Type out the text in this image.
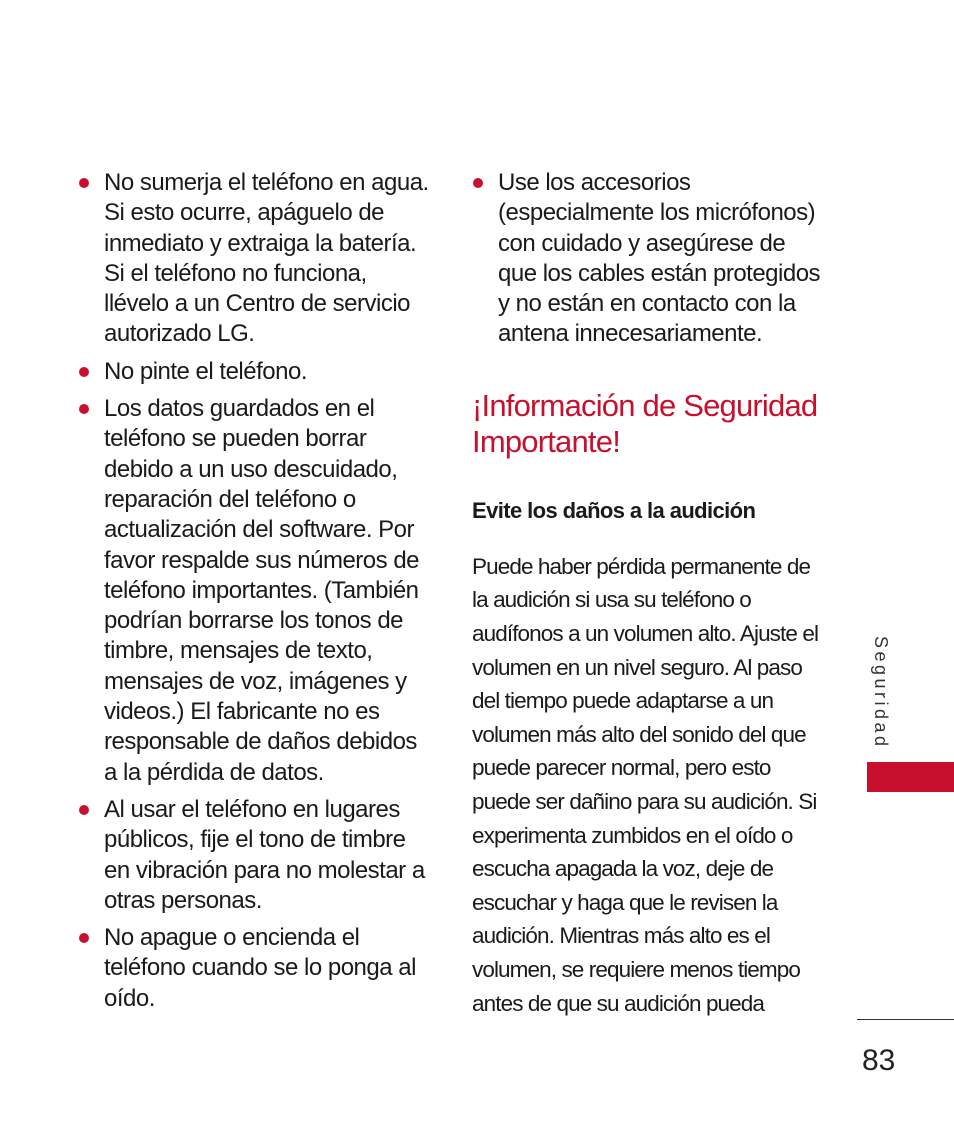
No sumerja el teléfono en agua. Si esto ocurre, apáguelo de inmediato y extraiga la batería. Si el teléfono no funciona, llévelo a un Centro de servicio autorizado LG.
No pinte el teléfono.
Los datos guardados en el teléfono se pueden borrar debido a un uso descuidado, reparación del teléfono o actualización del software. Por favor respalde sus números de teléfono importantes. (También podrían borrarse los tonos de timbre, mensajes de texto, mensajes de voz, imágenes y videos.) El fabricante no es responsable de daños debidos a la pérdida de datos.
Al usar el teléfono en lugares públicos, fije el tono de timbre en vibración para no molestar a otras personas.
No apague o encienda el teléfono cuando se lo ponga al oído.
Use los accesorios (especialmente los micrófonos) con cuidado y asegúrese de que los cables están protegidos y no están en contacto con la antena innecesariamente.
¡Información de Seguridad Importante!
Evite los daños a la audición

Puede haber pérdida permanente de la audición si usa su teléfono o audífonos a un volumen alto. Ajuste el volumen en un nivel seguro. Al paso del tiempo puede adaptarse a un volumen más alto del sonido del que puede parecer normal, pero esto puede ser dañino para su audición. Si experimenta zumbidos en el oído o escucha apagada la voz, deje de escuchar y haga que le revisen la audición. Mientras más alto es el volumen, se requiere menos tiempo antes de que su audición pueda

Seguridad
83
